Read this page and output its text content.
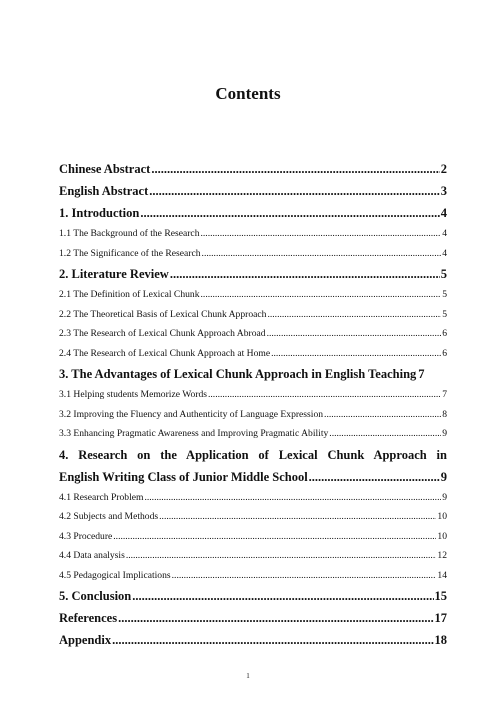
Contents
Chinese Abstract .....	2
English Abstract .....	3
1. Introduction .....	4
1.1 The Background of the Research .....	4
1.2 The Significance of the Research .....	4
2. Literature Review .....	5
2.1 The Definition of Lexical Chunk .....	5
2.2 The Theoretical Basis of Lexical Chunk Approach .....	5
2.3 The Research of Lexical Chunk Approach Abroad .....	6
2.4 The Research of Lexical Chunk Approach at Home .....	6
3. The Advantages of Lexical Chunk Approach in English Teaching 7
3.1 Helping students Memorize Words .....	7
3.2 Improving the Fluency and Authenticity of Language Expression .....	8
3.3 Enhancing Pragmatic Awareness and Improving Pragmatic Ability .....	9
4. Research on the Application of Lexical Chunk Approach in
English Writing Class of Junior Middle School .....	9
4.1 Research Problem .....	9
4.2 Subjects and Methods .....	10
4.3 Procedure .....	10
4.4 Data analysis .....	12
4.5 Pedagogical Implications .....	14
5. Conclusion .....	15
References .....	17
Appendix .....	18
1
